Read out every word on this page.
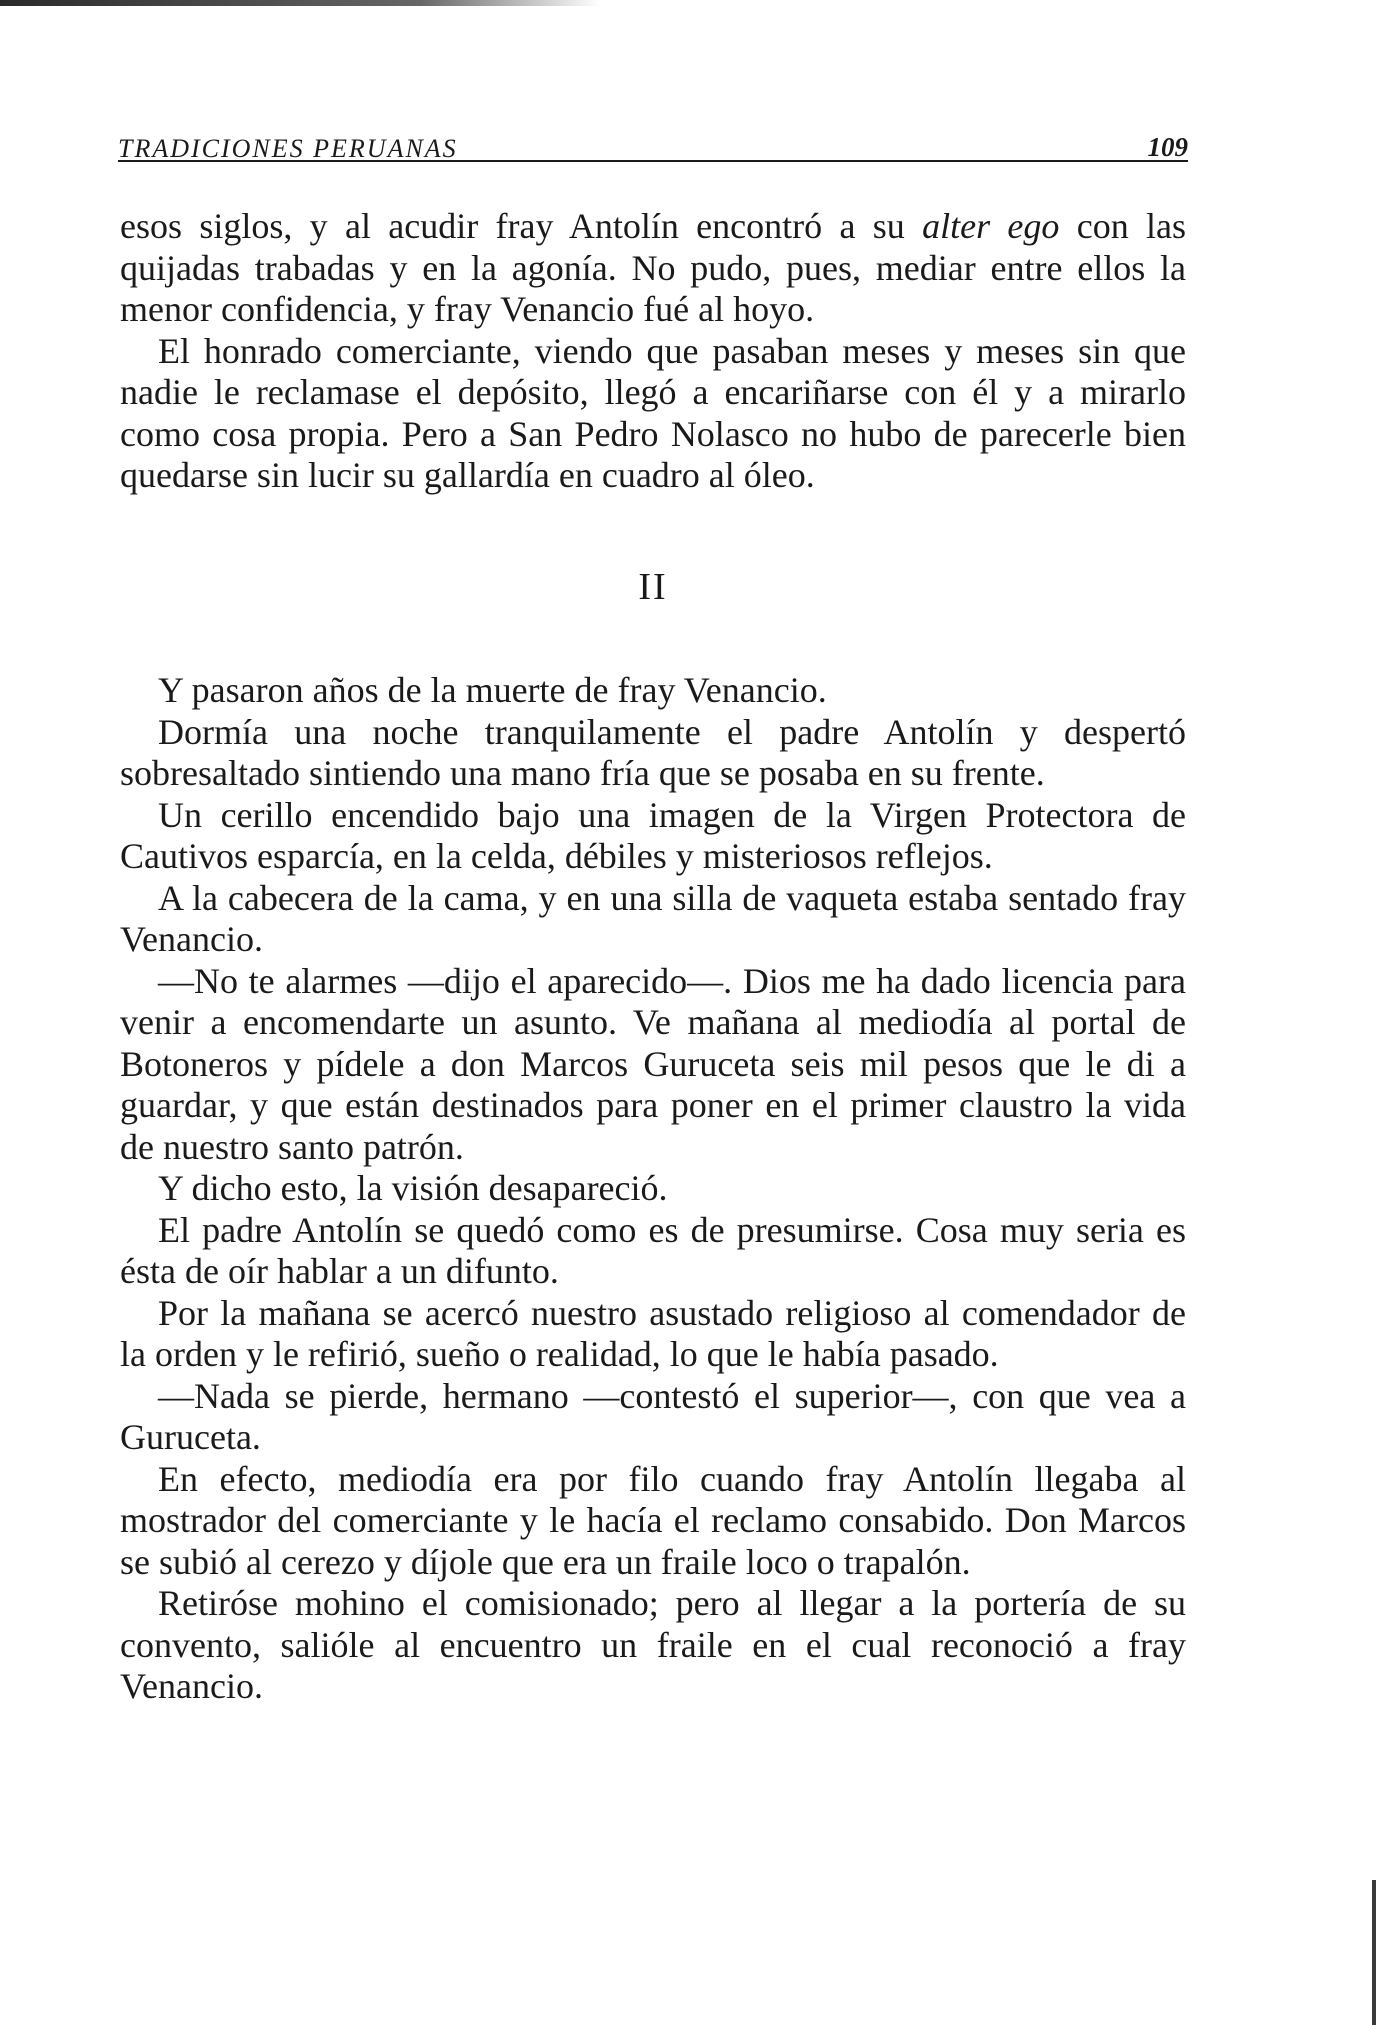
TRADICIONES PERUANAS	109

esos siglos, y al acudir fray Antolín encontró a su alter ego con las quijadas trabadas y en la agonía. No pudo, pues, mediar entre ellos la menor confidencia, y fray Venancio fué al hoyo.

El honrado comerciante, viendo que pasaban meses y meses sin que nadie le reclamase el depósito, llegó a encariñarse con él y a mirarlo como cosa propia. Pero a San Pedro Nolasco no hubo de parecerle bien quedarse sin lucir su gallardía en cuadro al óleo.

II

Y pasaron años de la muerte de fray Venancio.

Dormía una noche tranquilamente el padre Antolín y despertó sobresaltado sintiendo una mano fría que se posaba en su frente.

Un cerillo encendido bajo una imagen de la Virgen Protectora de Cautivos esparcía, en la celda, débiles y misteriosos reflejos.

A la cabecera de la cama, y en una silla de vaqueta estaba sentado fray Venancio.

—No te alarmes —dijo el aparecido—. Dios me ha dado licencia para venir a encomendarte un asunto. Ve mañana al mediodía al portal de Botoneros y pídele a don Marcos Guruceta seis mil pesos que le di a guardar, y que están destinados para poner en el primer claustro la vida de nuestro santo patrón.

Y dicho esto, la visión desapareció.

El padre Antolín se quedó como es de presumirse. Cosa muy seria es ésta de oír hablar a un difunto.

Por la mañana se acercó nuestro asustado religioso al comendador de la orden y le refirió, sueño o realidad, lo que le había pasado.

—Nada se pierde, hermano —contestó el superior—, con que vea a Guruceta.

En efecto, mediodía era por filo cuando fray Antolín llegaba al mostrador del comerciante y le hacía el reclamo consabido. Don Marcos se subió al cerezo y díjole que era un fraile loco o trapalón.

Retiróse mohino el comisionado; pero al llegar a la portería de su convento, salióle al encuentro un fraile en el cual reconoció a fray Venancio.
